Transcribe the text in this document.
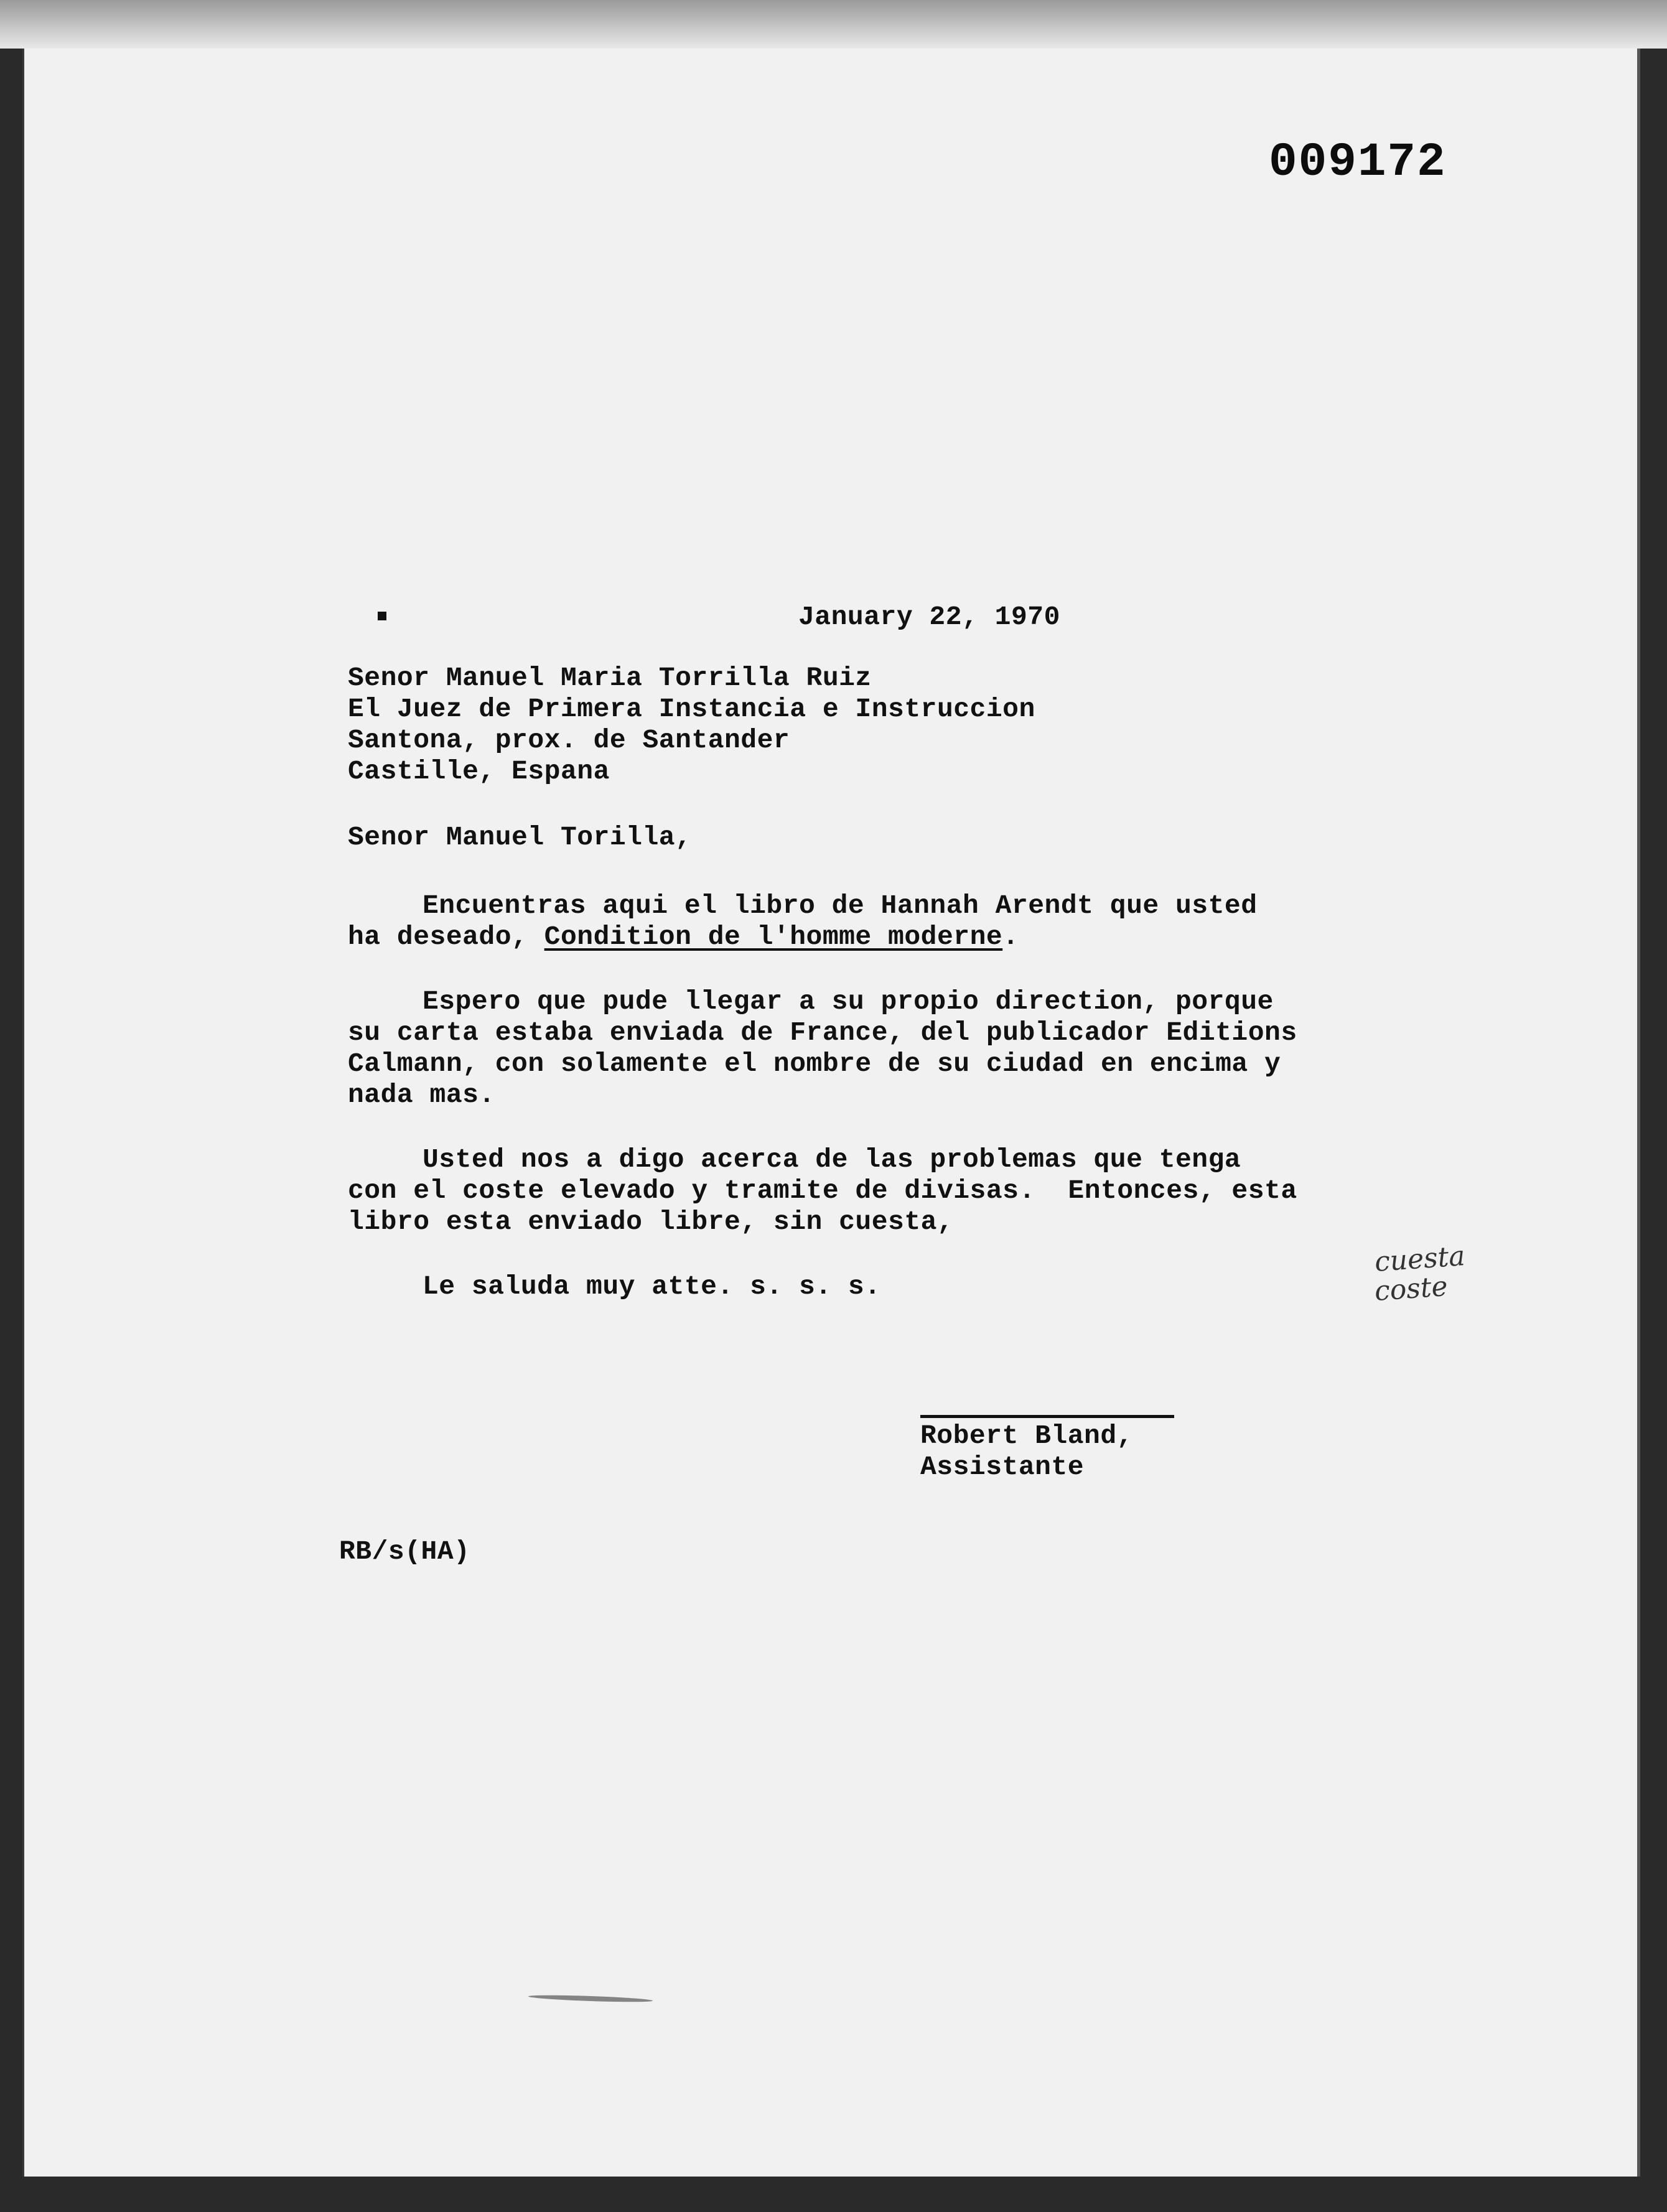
009172
January 22, 1970
Senor Manuel Maria Torrilla Ruiz
El Juez de Primera Instancia e Instruccion
Santona, prox. de Santander
Castille, Espana
Senor Manuel Torilla,
Encuentras aqui el libro de Hannah Arendt que usted
ha deseado, Condition de l'homme moderne.
Espero que pude llegar a su propio direction, porque
su carta estaba enviada de France, del publicador Editions
Calmann, con solamente el nombre de su ciudad en encima y
nada mas.
Usted nos a digo acerca de las problemas que tenga
con el coste elevado y tramite de divisas.  Entonces, esta
libro esta enviado libre, sin cuesta,
Le saluda muy atte. s. s. s.
Robert Bland,
Assistante
RB/s(HA)
cuesta
coste
